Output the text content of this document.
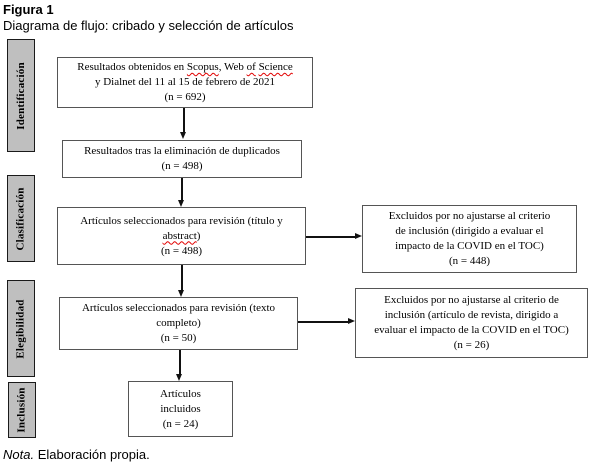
Figura 1
Diagrama de flujo: cribado y selección de artículos
Identificación
Clasificación
Elegibilidad
Inclusión
Resultados obtenidos en Scopus, Web of Science
y Dialnet del 11 al 15 de febrero de 2021
(n = 692)
Resultados tras la eliminación de duplicados
(n = 498)
Artículos seleccionados para revisión (título y
abstract)
(n = 498)
Artículos seleccionados para revisión (texto
completo)
(n = 50)
Artículos
incluidos
(n = 24)
Excluidos por no ajustarse al criterio
de inclusión (dirigido a evaluar el
impacto de la COVID en el TOC)
(n = 448)
Excluidos por no ajustarse al criterio de
inclusión (artículo de revista, dirigido a
evaluar el impacto de la COVID en el TOC)
(n = 26)
Nota. Elaboración propia.
